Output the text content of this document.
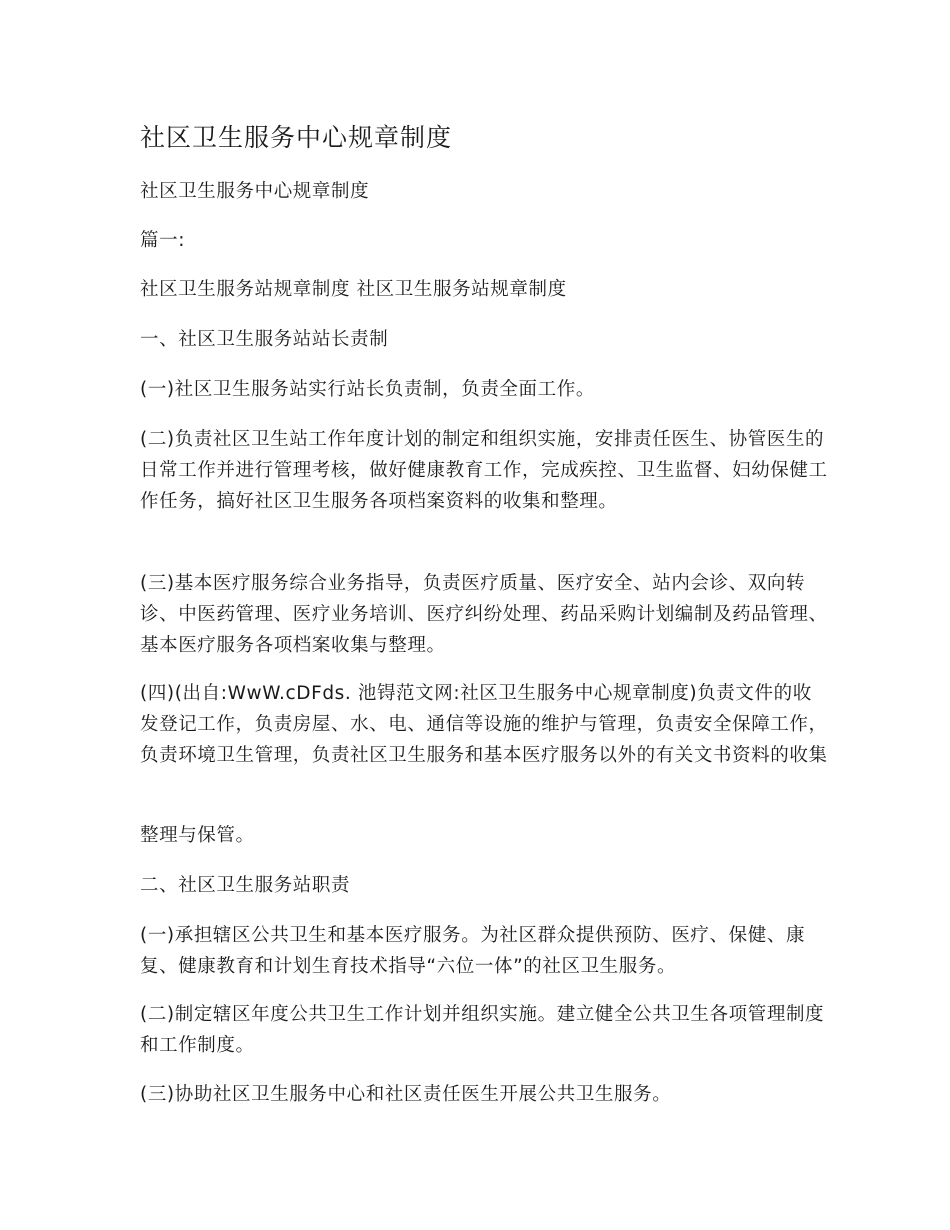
社区卫生服务中心规章制度

社区卫生服务中心规章制度

篇一:

社区卫生服务站规章制度 社区卫生服务站规章制度

一、社区卫生服务站站长责制

(一)社区卫生服务站实行站长负责制，负责全面工作。

(二)负责社区卫生站工作年度计划的制定和组织实施，安排责任医生、协管医生的日常工作并进行管理考核，做好健康教育工作，完成疾控、卫生监督、妇幼保健工作任务，搞好社区卫生服务各项档案资料的收集和整理。

(三)基本医疗服务综合业务指导，负责医疗质量、医疗安全、站内会诊、双向转诊、中医药管理、医疗业务培训、医疗纠纷处理、药品采购计划编制及药品管理、基本医疗服务各项档案收集与整理。

(四)(出自:WwW.cDFds. 池锝范文网:社区卫生服务中心规章制度)负责文件的收发登记工作，负责房屋、水、电、通信等设施的维护与管理，负责安全保障工作，负责环境卫生管理，负责社区卫生服务和基本医疗服务以外的有关文书资料的收集

整理与保管。

二、社区卫生服务站职责

(一)承担辖区公共卫生和基本医疗服务。为社区群众提供预防、医疗、保健、康复、健康教育和计划生育技术指导“六位一体”的社区卫生服务。

(二)制定辖区年度公共卫生工作计划并组织实施。建立健全公共卫生各项管理制度和工作制度。

(三)协助社区卫生服务中心和社区责任医生开展公共卫生服务。
